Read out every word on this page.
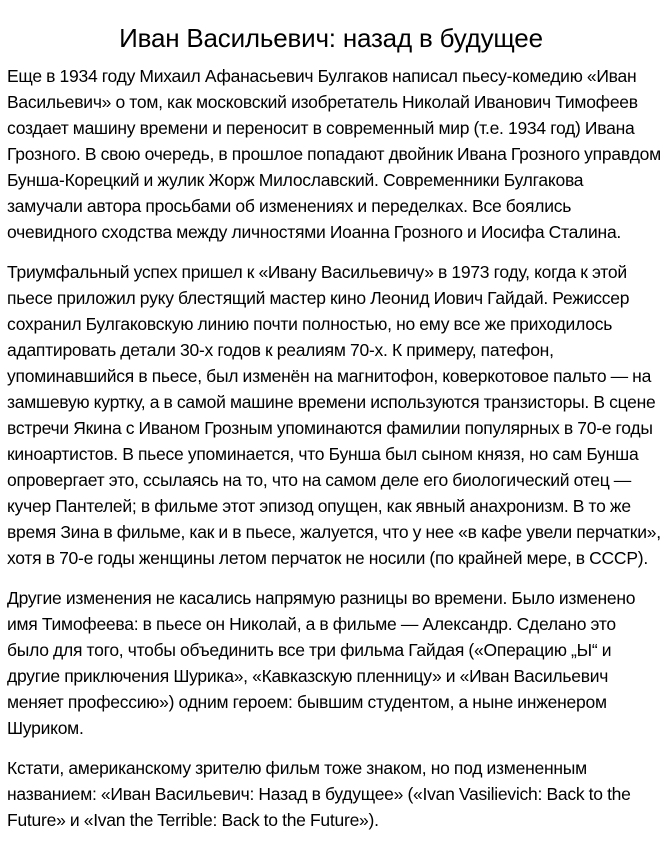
Иван Васильевич: назад в будущее

Еще в 1934 году Михаил Афанасьевич Булгаков написал пьесу-комедию «Иван Васильевич» о том, как московский изобретатель Николай Иванович Тимофеев создает машину времени и переносит в современный мир (т.е. 1934 год) Ивана Грозного. В свою очередь, в прошлое попадают двойник Ивана Грозного управдом Бунша-Корецкий и жулик Жорж Милославский. Современники Булгакова замучали автора просьбами об изменениях и переделках. Все боялись очевидного сходства между личностями Иоанна Грозного и Иосифа Сталина.

Триумфальный успех пришел к «Ивану Васильевичу» в 1973 году, когда к этой пьесе приложил руку блестящий мастер кино Леонид Иович Гайдай. Режиссер сохранил Булгаковскую линию почти полностью, но ему все же приходилось адаптировать детали 30-х годов к реалиям 70-х. К примеру, патефон, упоминавшийся в пьесе, был изменён на магнитофон, коверкотовое пальто — на замшевую куртку, а в самой машине времени используются транзисторы. В сцене встречи Якина с Иваном Грозным упоминаются фамилии популярных в 70-е годы киноартистов. В пьесе упоминается, что Бунша был сыном князя, но сам Бунша опровергает это, ссылаясь на то, что на самом деле его биологический отец — кучер Пантелей; в фильме этот эпизод опущен, как явный анахронизм. В то же время Зина в фильме, как и в пьесе, жалуется, что у нее «в кафе увели перчатки», хотя в 70-е годы женщины летом перчаток не носили (по крайней мере, в СССР).

Другие изменения не касались напрямую разницы во времени. Было изменено имя Тимофеева: в пьесе он Николай, а в фильме — Александр. Сделано это было для того, чтобы объединить все три фильма Гайдая («Операцию „Ы“ и другие приключения Шурика», «Кавказскую пленницу» и «Иван Васильевич меняет профессию») одним героем: бывшим студентом, а ныне инженером Шуриком.

Кстати, американскому зрителю фильм тоже знаком, но под измененным названием: «Иван Васильевич: Назад в будущее» («Ivan Vasilievich: Back to the Future» и «Ivan the Terrible: Back to the Future»).
